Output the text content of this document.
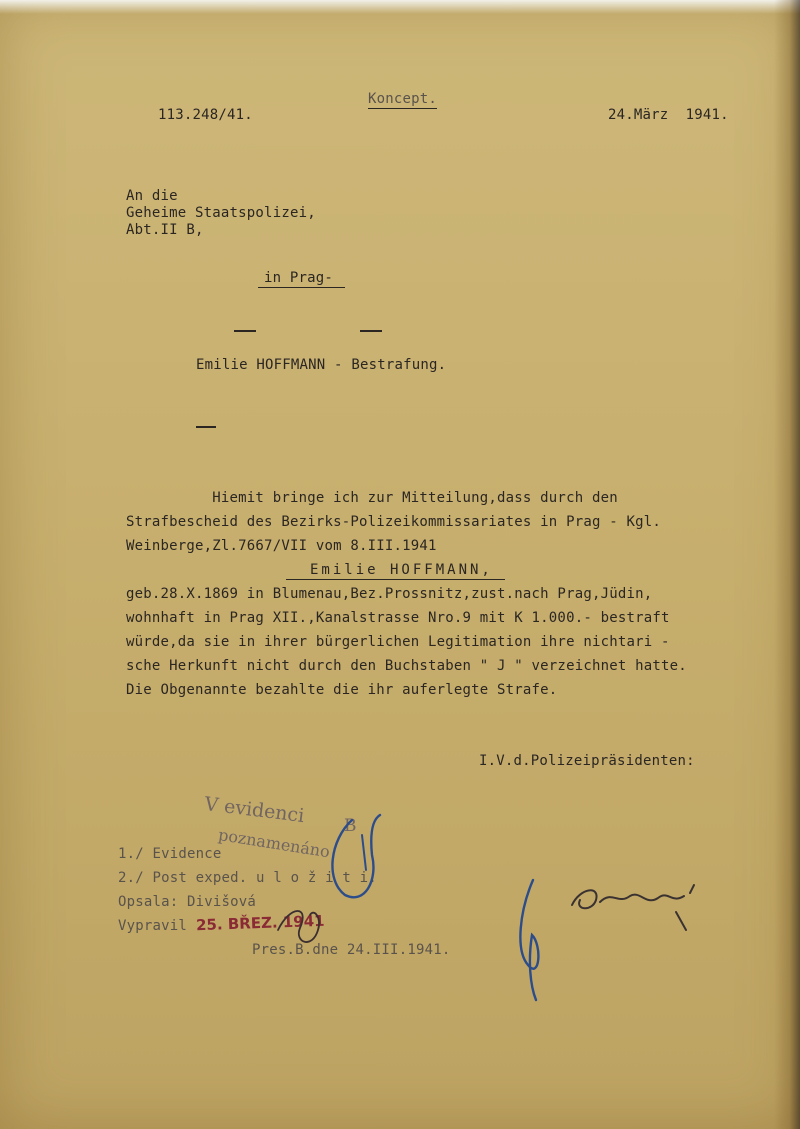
113.248/41.

Koncept.

24.März  1941.

An die

Geheime Staatspolizei,

Abt.II B,

in Prag-

Emilie HOFFMANN - Bestrafung.

Hiemit bringe ich zur Mitteilung,dass durch den

Strafbescheid des Bezirks-Polizeikommissariates in Prag - Kgl.

Weinberge,Zl.7667/VII vom 8.III.1941

Emilie HOFFMANN,

geb.28.X.1869 in Blumenau,Bez.Prossnitz,zust.nach Prag,Jüdin,

wohnhaft in Prag XII.,Kanalstrasse Nro.9 mit K 1.000.- bestraft

würde,da sie in ihrer bürgerlichen Legitimation ihre nichtari -

sche Herkunft nicht durch den Buchstaben " J " verzeichnet hatte.

Die Obgenannte bezahlte die ihr auferlegte Strafe.

I.V.d.Polizeipräsidenten:

V evidenci
poznamenáno B

1./ Evidence

2./ Post exped. u l o ž i t i.

Opsala: Divišová

Vypravil 25. BŘEZ. 1941

Pres.B.dne 24.III.1941.
